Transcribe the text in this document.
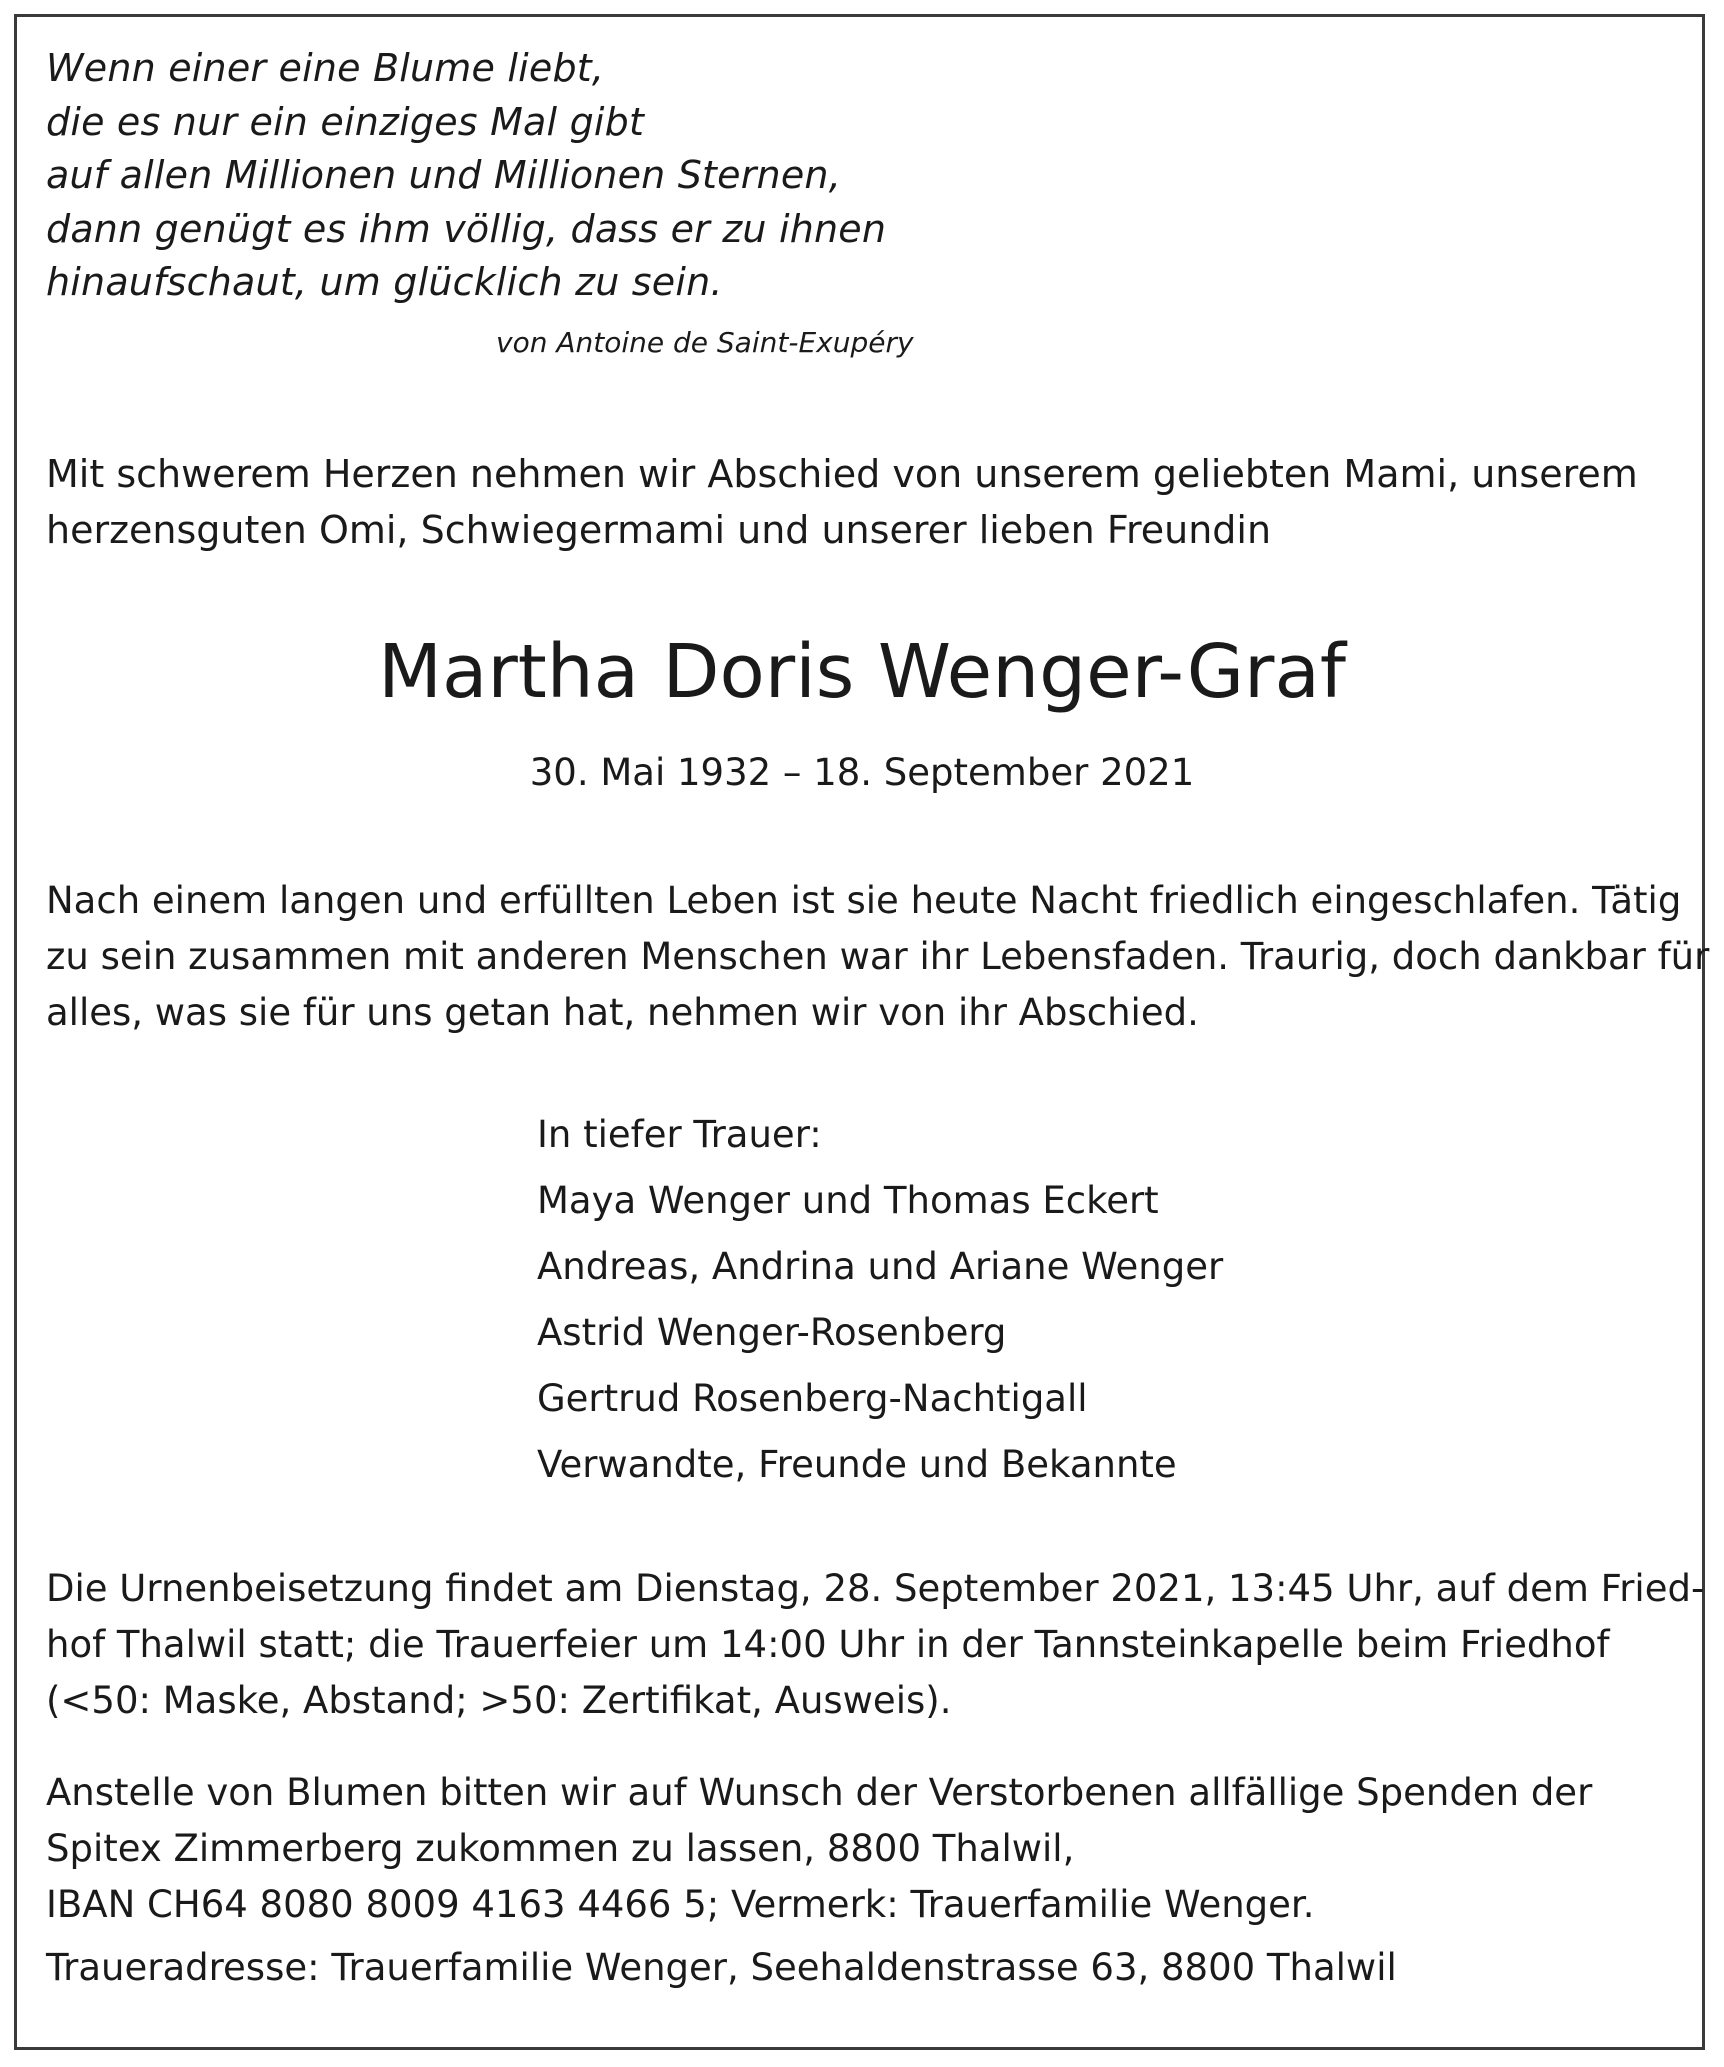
Wenn einer eine Blume liebt,
die es nur ein einziges Mal gibt
auf allen Millionen und Millionen Sternen,
dann genügt es ihm völlig, dass er zu ihnen
hinaufschaut, um glücklich zu sein.
von Antoine de Saint-Exupéry
Mit schwerem Herzen nehmen wir Abschied von unserem geliebten Mami, unserem
herzensguten Omi, Schwiegermami und unserer lieben Freundin
Martha Doris Wenger-Graf
30. Mai 1932 – 18. September 2021
Nach einem langen und erfüllten Leben ist sie heute Nacht friedlich eingeschlafen. Tätig
zu sein zusammen mit anderen Menschen war ihr Lebensfaden. Traurig, doch dankbar für
alles, was sie für uns getan hat, nehmen wir von ihr Abschied.
In tiefer Trauer:
Maya Wenger und Thomas Eckert
Andreas, Andrina und Ariane Wenger
Astrid Wenger-Rosenberg
Gertrud Rosenberg-Nachtigall
Verwandte, Freunde und Bekannte
Die Urnenbeisetzung findet am Dienstag, 28. September 2021, 13:45 Uhr, auf dem Fried-
hof Thalwil statt; die Trauerfeier um 14:00 Uhr in der Tannsteinkapelle beim Friedhof
(<50: Maske, Abstand; >50: Zertifikat, Ausweis).
Anstelle von Blumen bitten wir auf Wunsch der Verstorbenen allfällige Spenden der
Spitex Zimmerberg zukommen zu lassen, 8800 Thalwil,
IBAN CH64 8080 8009 4163 4466 5; Vermerk: Trauerfamilie Wenger.
Traueradresse: Trauerfamilie Wenger, Seehaldenstrasse 63, 8800 Thalwil
